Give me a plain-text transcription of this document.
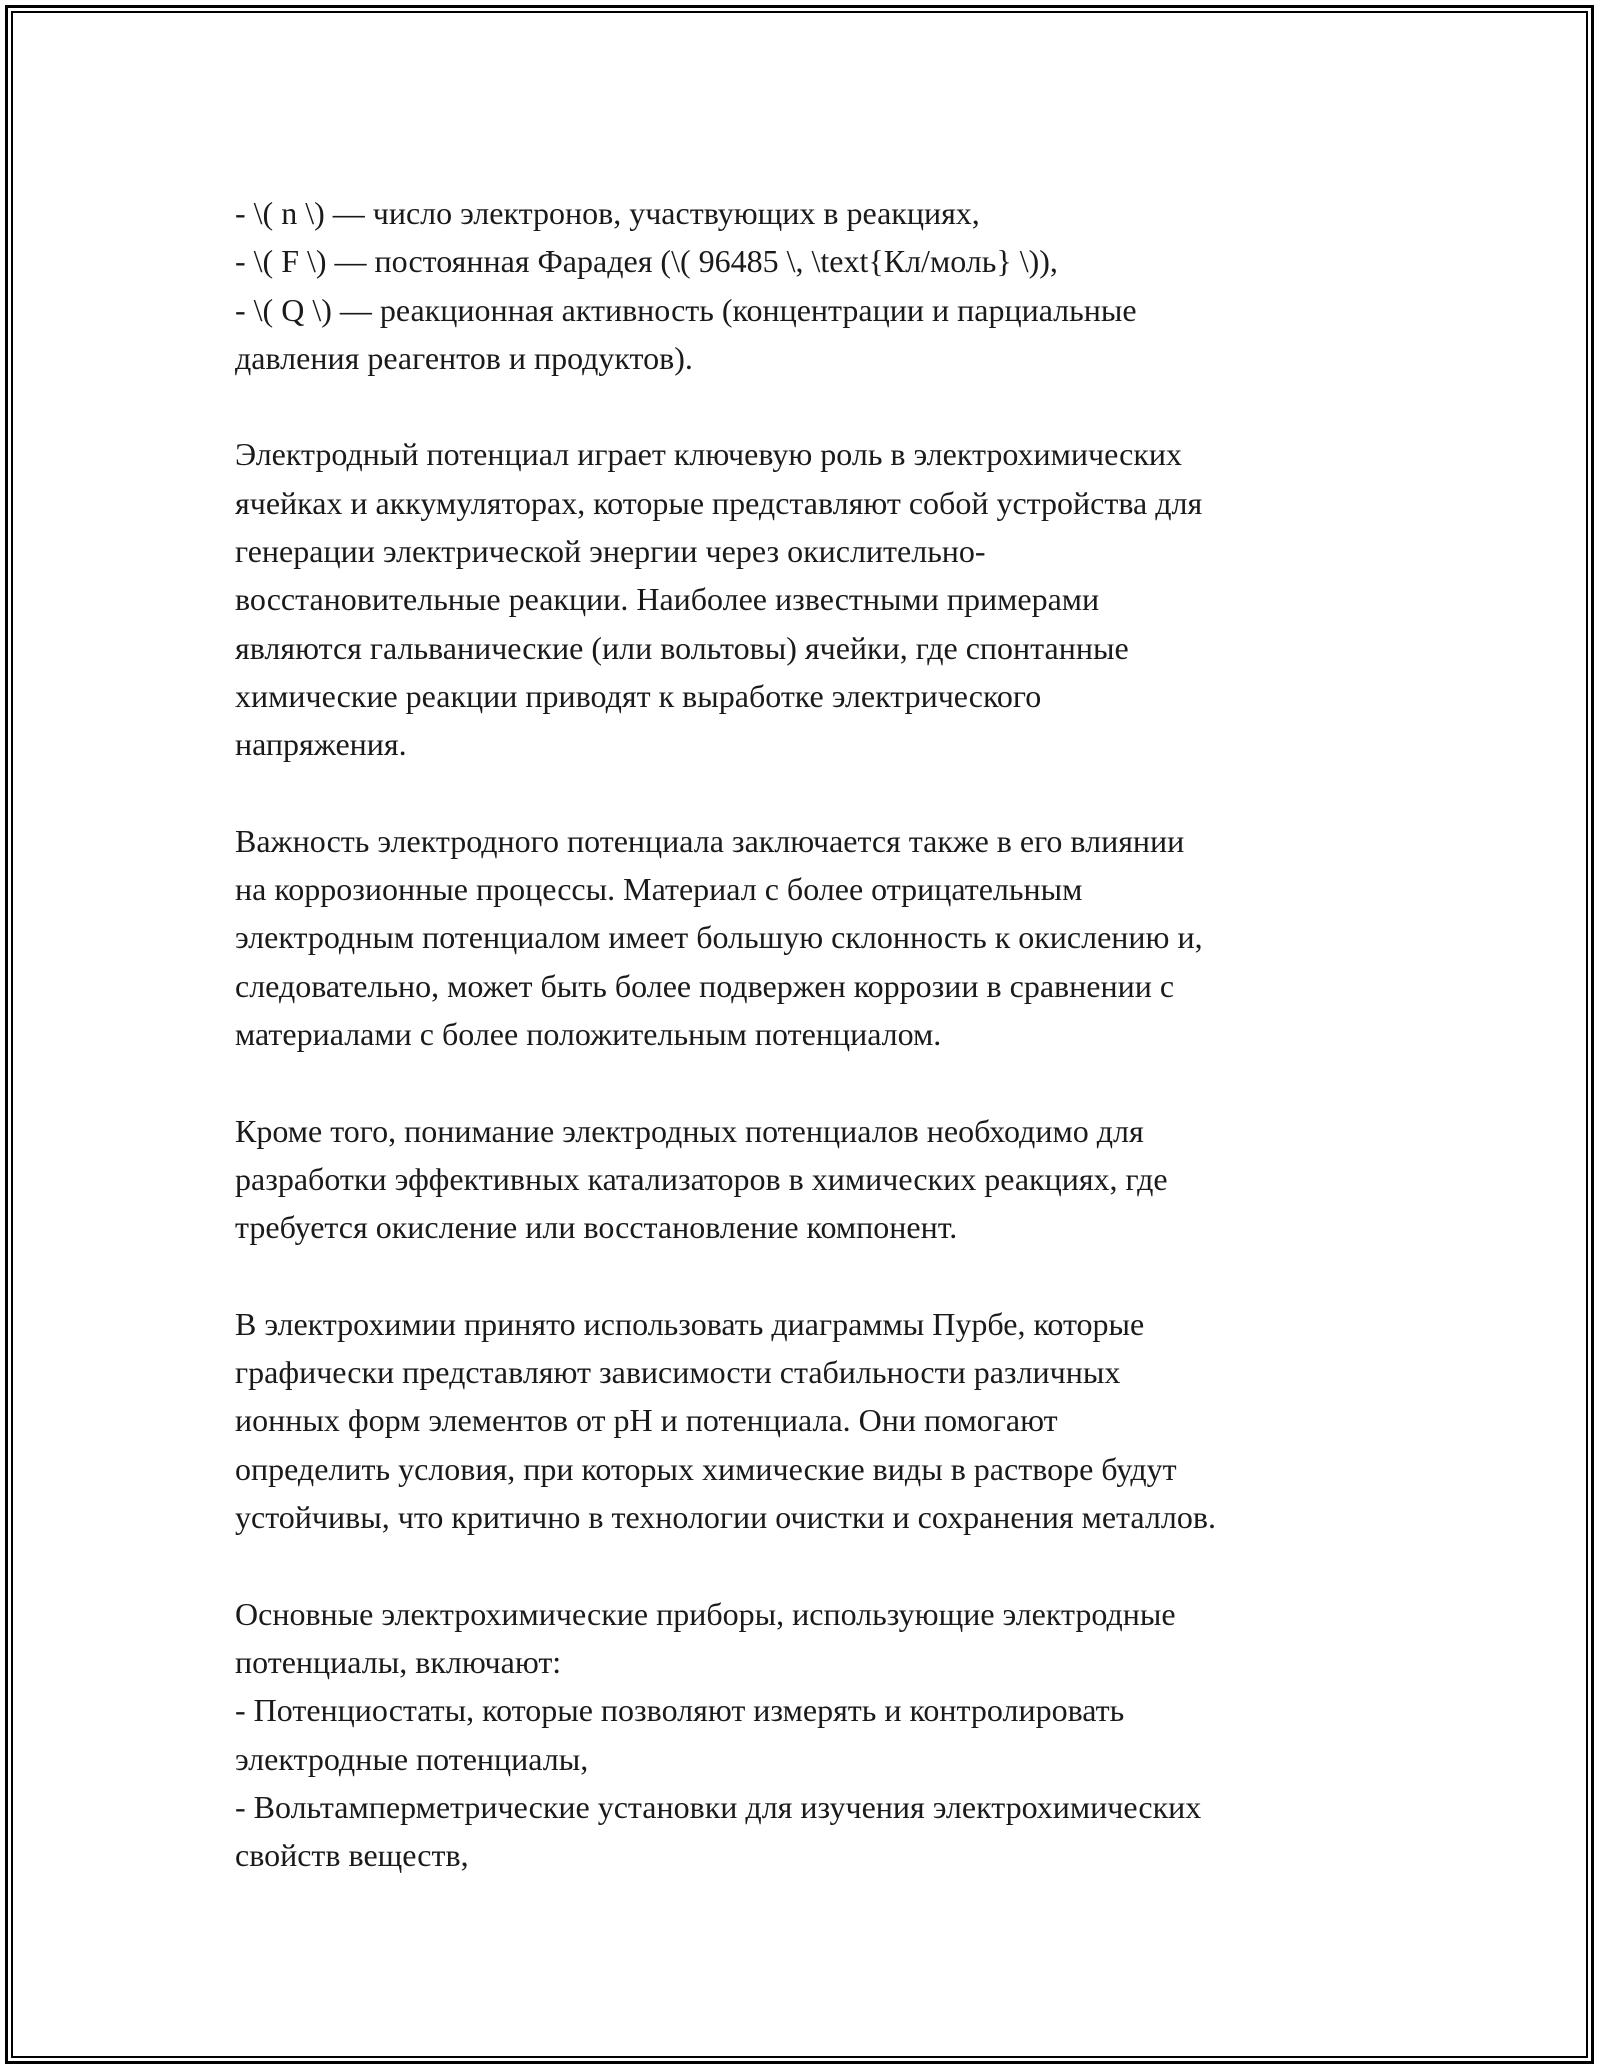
- \( n \) — число электронов, участвующих в реакциях,
- \( F \) — постоянная Фарадея (\( 96485 \, \text{Кл/моль} \)),
- \( Q \) — реакционная активность (концентрации и парциальные
давления реагентов и продуктов).

Электродный потенциал играет ключевую роль в электрохимических
ячейках и аккумуляторах, которые представляют собой устройства для
генерации электрической энергии через окислительно-
восстановительные реакции. Наиболее известными примерами
являются гальванические (или вольтовы) ячейки, где спонтанные
химические реакции приводят к выработке электрического
напряжения.

Важность электродного потенциала заключается также в его влиянии
на коррозионные процессы. Материал с более отрицательным
электродным потенциалом имеет большую склонность к окислению и,
следовательно, может быть более подвержен коррозии в сравнении с
материалами с более положительным потенциалом.

Кроме того, понимание электродных потенциалов необходимо для
разработки эффективных катализаторов в химических реакциях, где
требуется окисление или восстановление компонент.

В электрохимии принято использовать диаграммы Пурбе, которые
графически представляют зависимости стабильности различных
ионных форм элементов от pH и потенциала. Они помогают
определить условия, при которых химические виды в растворе будут
устойчивы, что критично в технологии очистки и сохранения металлов.

Основные электрохимические приборы, использующие электродные
потенциалы, включают:
- Потенциостаты, которые позволяют измерять и контролировать
электродные потенциалы,
- Вольтамперметрические установки для изучения электрохимических
свойств веществ,
